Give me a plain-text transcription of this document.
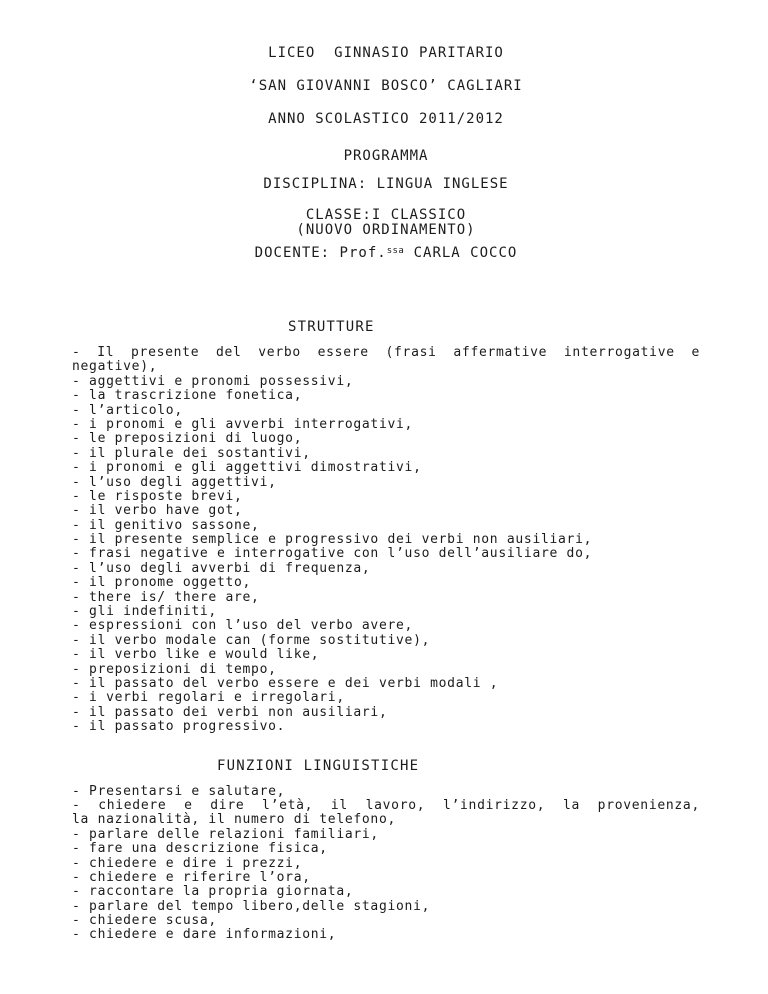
LICEO  GINNASIO PARITARIO
‘SAN GIOVANNI BOSCO’ CAGLIARI
ANNO SCOLASTICO 2011/2012
PROGRAMMA
DISCIPLINA: LINGUA INGLESE
CLASSE:I CLASSICO
(NUOVO ORDINAMENTO)
DOCENTE: Prof.$^{ssa}$ CARLA COCCO
STRUTTURE
- Il presente del verbo essere (frasi affermative interrogative e
negative),
- aggettivi e pronomi possessivi,
- la trascrizione fonetica,
- l’articolo,
- i pronomi e gli avverbi interrogativi,
- le preposizioni di luogo,
- il plurale dei sostantivi,
- i pronomi e gli aggettivi dimostrativi,
- l’uso degli aggettivi,
- le risposte brevi,
- il verbo have got,
- il genitivo sassone,
- il presente semplice e progressivo dei verbi non ausiliari,
- frasi negative e interrogative con l’uso dell’ausiliare do,
- l’uso degli avverbi di frequenza,
- il pronome oggetto,
- there is/ there are,
- gli indefiniti,
- espressioni con l’uso del verbo avere,
- il verbo modale can (forme sostitutive),
- il verbo like e would like,
- preposizioni di tempo,
- il passato del verbo essere e dei verbi modali ,
- i verbi regolari e irregolari,
- il passato dei verbi non ausiliari,
- il passato progressivo.
FUNZIONI LINGUISTICHE
- Presentarsi e salutare,
- chiedere e dire l’età, il lavoro, l’indirizzo, la provenienza,
la nazionalità, il numero di telefono,
- parlare delle relazioni familiari,
- fare una descrizione fisica,
- chiedere e dire i prezzi,
- chiedere e riferire l’ora,
- raccontare la propria giornata,
- parlare del tempo libero,delle stagioni,
- chiedere scusa,
- chiedere e dare informazioni,
